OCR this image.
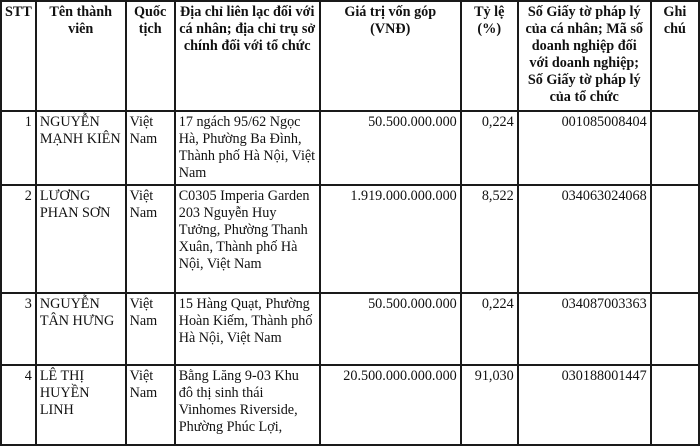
STT	Tên thành viên	Quốc tịch	Địa chỉ liên lạc đối với cá nhân; địa chỉ trụ sở chính đối với tổ chức	Giá trị vốn góp (VNĐ)	Tỷ lệ (%)	Số Giấy tờ pháp lý của cá nhân; Mã số doanh nghiệp đối với doanh nghiệp; Số Giấy tờ pháp lý của tổ chức	Ghi chú
1	NGUYỄN MẠNH KIÊN	Việt Nam	17 ngách 95/62 Ngọc Hà, Phường Ba Đình, Thành phố Hà Nội, Việt Nam	50.500.000.000	0,224	001085008404	
2	LƯƠNG PHAN SƠN	Việt Nam	C0305 Imperia Garden 203 Nguyễn Huy Tưởng, Phường Thanh Xuân, Thành phố Hà Nội, Việt Nam	1.919.000.000.000	8,522	034063024068	
3	NGUYỄN TÂN HƯNG	Việt Nam	15 Hàng Quạt, Phường Hoàn Kiếm, Thành phố Hà Nội, Việt Nam	50.500.000.000	0,224	034087003363	
4	LÊ THỊ HUYỀN LINH	Việt Nam	Bằng Lăng 9-03 Khu đô thị sinh thái Vinhomes Riverside, Phường Phúc Lợi,	20.500.000.000.000	91,030	030188001447	
